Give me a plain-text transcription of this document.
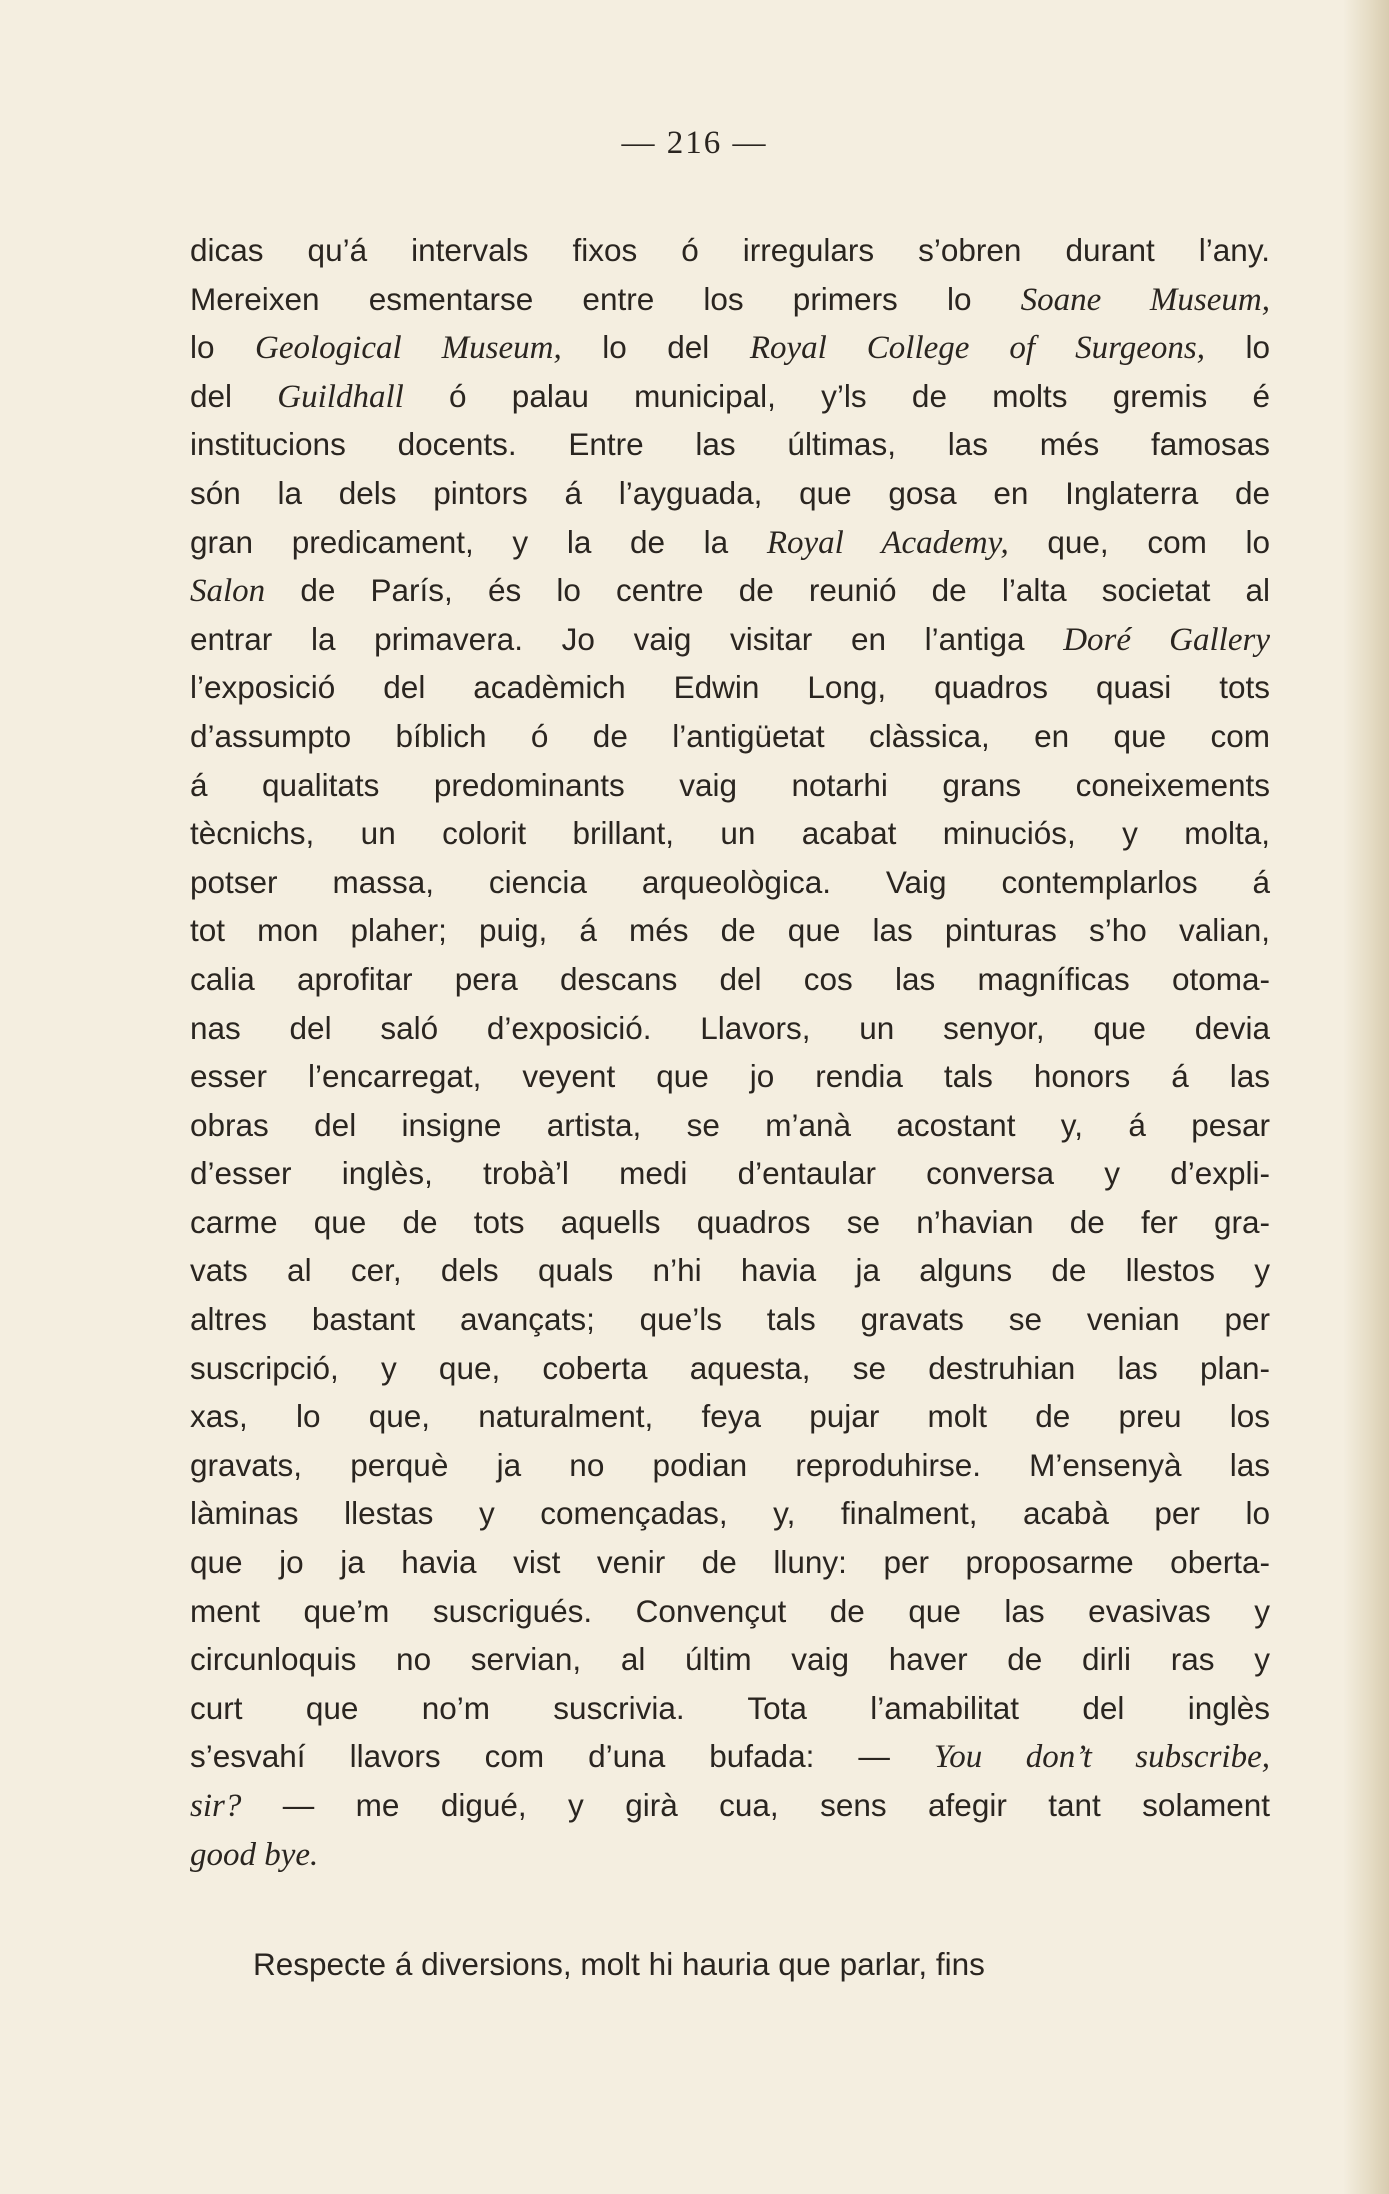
— 216 —
dicas qu’á intervals fixos ó irregulars s’obren durant l’any.
Mereixen esmentarse entre los primers lo Soane Museum,
lo Geological Museum, lo del Royal College of Surgeons, lo
del Guildhall ó palau municipal, y’ls de molts gremis é
institucions docents. Entre las últimas, las més famosas
són la dels pintors á l’ayguada, que gosa en Inglaterra de
gran predicament, y la de la Royal Academy, que, com lo
Salon de París, és lo centre de reunió de l’alta societat al
entrar la primavera. Jo vaig visitar en l’antiga Doré Gallery
l’exposició del acadèmich Edwin Long, quadros quasi tots
d’assumpto bíblich ó de l’antigüetat clàssica, en que com
á qualitats predominants vaig notarhi grans coneixements
tècnichs, un colorit brillant, un acabat minuciós, y molta,
potser massa, ciencia arqueològica. Vaig contemplarlos á
tot mon plaher; puig, á més de que las pinturas s’ho valian,
calia aprofitar pera descans del cos las magníficas otoma-
nas del saló d’exposició. Llavors, un senyor, que devia
esser l’encarregat, veyent que jo rendia tals honors á las
obras del insigne artista, se m’anà acostant y, á pesar
d’esser inglès, trobà’l medi d’entaular conversa y d’expli-
carme que de tots aquells quadros se n’havian de fer gra-
vats al cer, dels quals n’hi havia ja alguns de llestos y
altres bastant avançats; que’ls tals gravats se venian per
suscripció, y que, coberta aquesta, se destruhian las plan-
xas, lo que, naturalment, feya pujar molt de preu los
gravats, perquè ja no podian reproduhirse. M’ensenyà las
làminas llestas y començadas, y, finalment, acabà per lo
que jo ja havia vist venir de lluny: per proposarme oberta-
ment que’m suscrigués. Convençut de que las evasivas y
circunloquis no servian, al últim vaig haver de dirli ras y
curt que no’m suscrivia. Tota l’amabilitat del inglès
s’esvahí llavors com d’una bufada: — You don’t subscribe,
sir? — me digué, y girà cua, sens afegir tant solament
good bye.
Respecte á diversions, molt hi hauria que parlar, fins
